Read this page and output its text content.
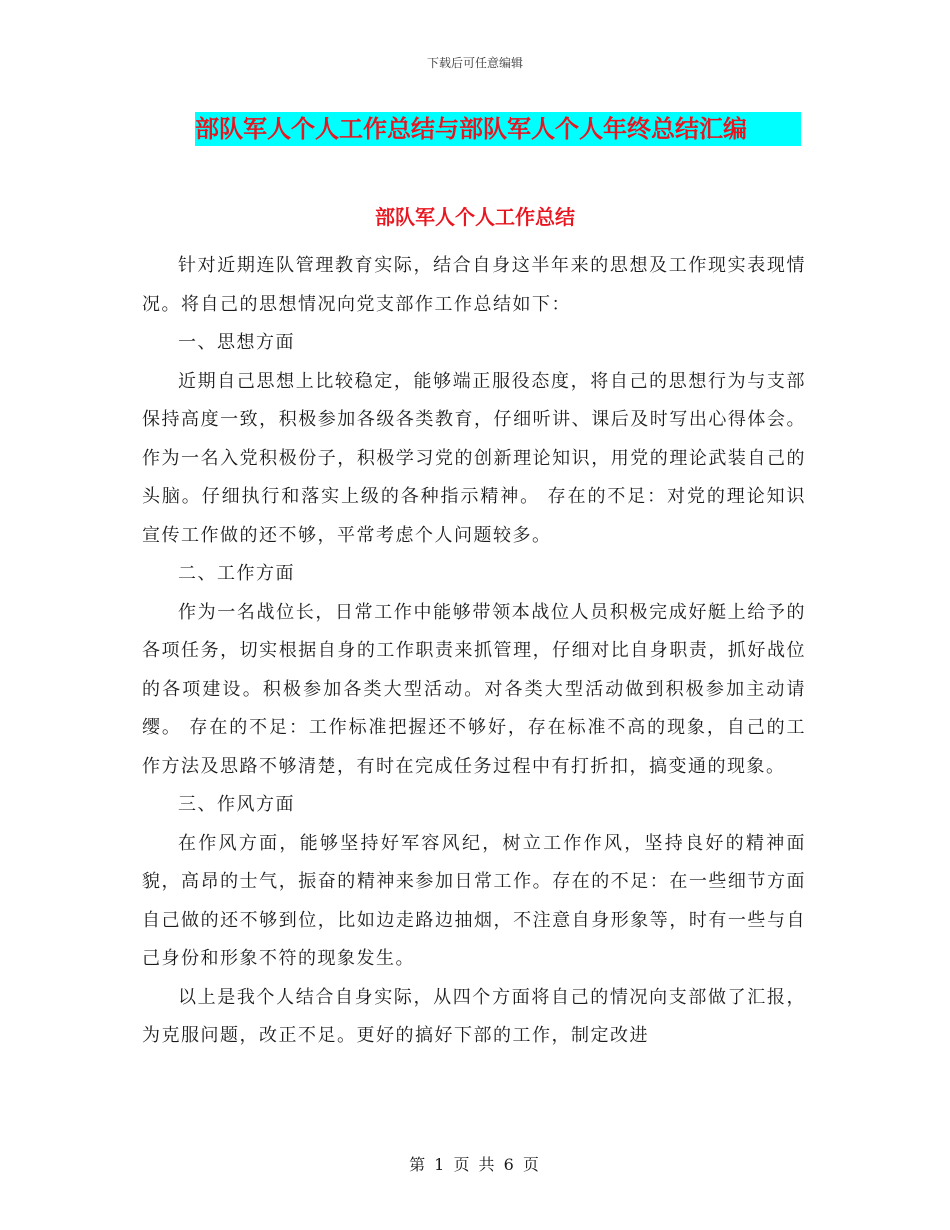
下载后可任意编辑
部队军人个人工作总结与部队军人个人年终总结汇编
部队军人个人工作总结

针对近期连队管理教育实际，结合自身这半年来的思想及工作现实表现情况。将自己的思想情况向党支部作工作总结如下：

一、思想方面

近期自己思想上比较稳定，能够端正服役态度，将自己的思想行为与支部保持高度一致，积极参加各级各类教育，仔细听讲、课后及时写出心得体会。作为一名入党积极份子，积极学习党的创新理论知识，用党的理论武装自己的头脑。仔细执行和落实上级的各种指示精神。 存在的不足：对党的理论知识宣传工作做的还不够，平常考虑个人问题较多。

二、工作方面

作为一名战位长，日常工作中能够带领本战位人员积极完成好艇上给予的各项任务，切实根据自身的工作职责来抓管理，仔细对比自身职责，抓好战位的各项建设。积极参加各类大型活动。对各类大型活动做到积极参加主动请缨。 存在的不足：工作标准把握还不够好，存在标准不高的现象，自己的工作方法及思路不够清楚，有时在完成任务过程中有打折扣，搞变通的现象。

三、作风方面

在作风方面，能够坚持好军容风纪，树立工作作风，坚持良好的精神面貌，高昂的士气，振奋的精神来参加日常工作。存在的不足：在一些细节方面自己做的还不够到位，比如边走路边抽烟，不注意自身形象等，时有一些与自己身份和形象不符的现象发生。

以上是我个人结合自身实际，从四个方面将自己的情况向支部做了汇报，为克服问题，改正不足。更好的搞好下部的工作，制定改进

第 1 页 共 6 页
